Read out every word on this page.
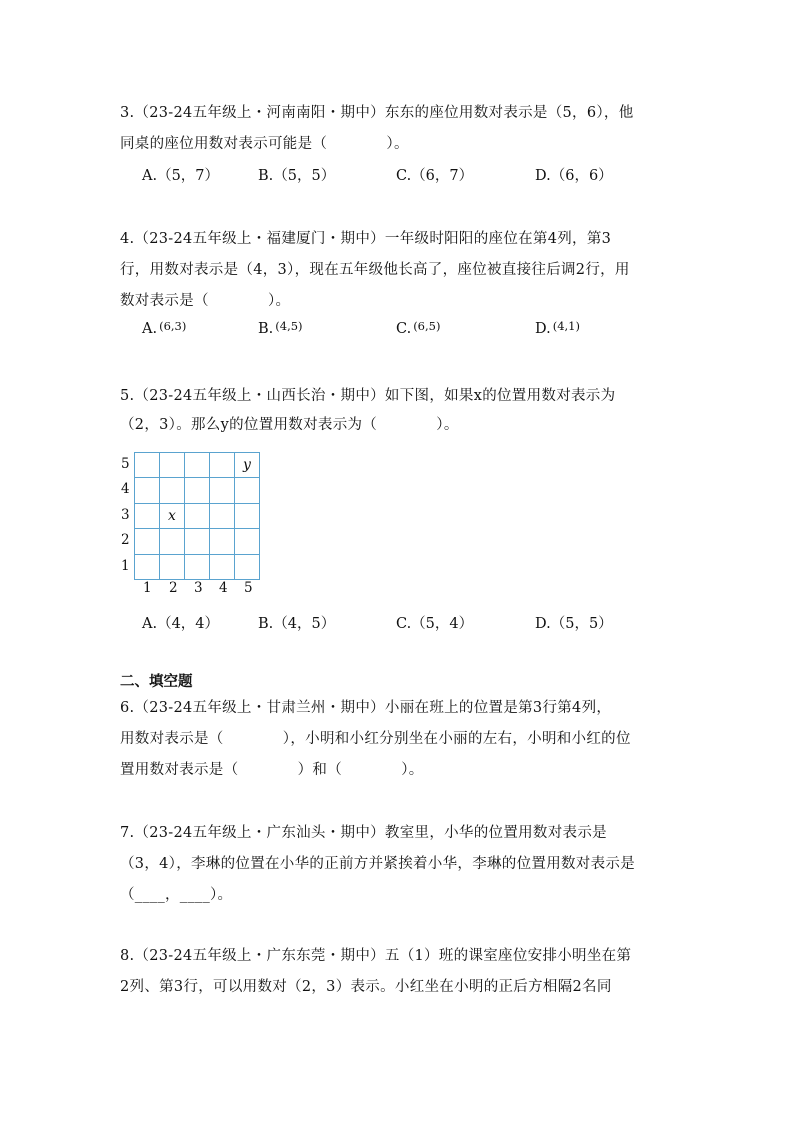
3.（23-24五年级上・河南南阳・期中）东东的座位用数对表示是（5，6），他
同桌的座位用数对表示可能是（　　　　）。
A.（5，7）	B.（5，5）	C.（6，7）	D.（6，6）
4.（23-24五年级上・福建厦门・期中）一年级时阳阳的座位在第4列，第3
行，用数对表示是（4，3），现在五年级他长高了，座位被直接往后调2行，用
数对表示是（　　　　）。
A. $^{(6,3)}$	B. $^{(4,5)}$	C. $^{(6,5)}$	D. $^{(4,1)}$
5.（23-24五年级上・山西长治・期中）如下图，如果x的位置用数对表示为
（2，3）。那么y的位置用数对表示为（　　　　）。
5
4
3
2
1
				y

	x			

1 2 3 4 5
A.（4，4）	B.（4，5）	C.（5，4）	D.（5，5）
二、填空题
6.（23-24五年级上・甘肃兰州・期中）小丽在班上的位置是第3行第4列，
用数对表示是（　　　　），小明和小红分别坐在小丽的左右，小明和小红的位
置用数对表示是（　　　　）和（　　　　）。
7.（23-24五年级上・广东汕头・期中）教室里，小华的位置用数对表示是
（3，4），李琳的位置在小华的正前方并紧挨着小华，李琳的位置用数对表示是
（____，____）。
8.（23-24五年级上・广东东莞・期中）五（1）班的课室座位安排小明坐在第
2列、第3行，可以用数对（2，3）表示。小红坐在小明的正后方相隔2名同
